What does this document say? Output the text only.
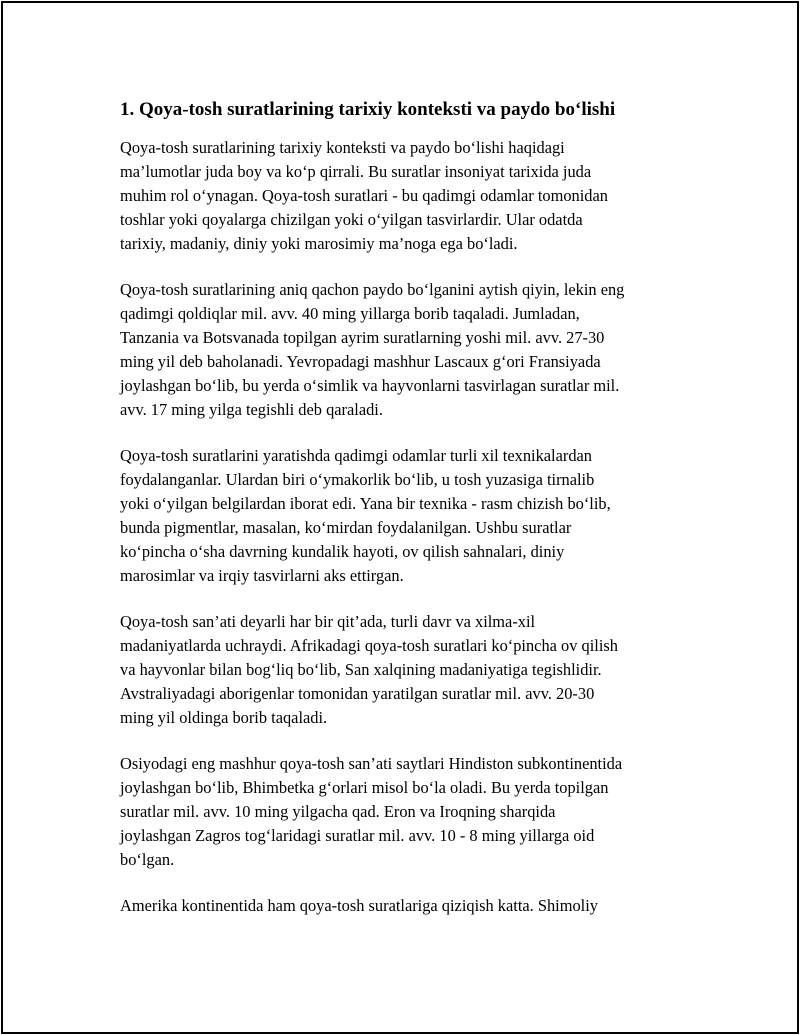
1. Qoya-tosh suratlarining tarixiy konteksti va paydo bo‘lishi

Qoya-tosh suratlarining tarixiy konteksti va paydo bo‘lishi haqidagi
ma’lumotlar juda boy va ko‘p qirrali. Bu suratlar insoniyat tarixida juda
muhim rol o‘ynagan. Qoya-tosh suratlari - bu qadimgi odamlar tomonidan
toshlar yoki qoyalarga chizilgan yoki o‘yilgan tasvirlardir. Ular odatda
tarixiy, madaniy, diniy yoki marosimiy ma’noga ega bo‘ladi.

Qoya-tosh suratlarining aniq qachon paydo bo‘lganini aytish qiyin, lekin eng
qadimgi qoldiqlar mil. avv. 40 ming yillarga borib taqaladi. Jumladan,
Tanzania va Botsvanada topilgan ayrim suratlarning yoshi mil. avv. 27-30
ming yil deb baholanadi. Yevropadagi mashhur Lascaux g‘ori Fransiyada
joylashgan bo‘lib, bu yerda o‘simlik va hayvonlarni tasvirlagan suratlar mil.
avv. 17 ming yilga tegishli deb qaraladi.

Qoya-tosh suratlarini yaratishda qadimgi odamlar turli xil texnikalardan
foydalanganlar. Ulardan biri o‘ymakorlik bo‘lib, u tosh yuzasiga tirnalib
yoki o‘yilgan belgilardan iborat edi. Yana bir texnika - rasm chizish bo‘lib,
bunda pigmentlar, masalan, ko‘mirdan foydalanilgan. Ushbu suratlar
ko‘pincha o‘sha davrning kundalik hayoti, ov qilish sahnalari, diniy
marosimlar va irqiy tasvirlarni aks ettirgan.

Qoya-tosh san’ati deyarli har bir qit’ada, turli davr va xilma-xil
madaniyatlarda uchraydi. Afrikadagi qoya-tosh suratlari ko‘pincha ov qilish
va hayvonlar bilan bog‘liq bo‘lib, San xalqining madaniyatiga tegishlidir.
Avstraliyadagi aborigenlar tomonidan yaratilgan suratlar mil. avv. 20-30
ming yil oldinga borib taqaladi.

Osiyodagi eng mashhur qoya-tosh san’ati saytlari Hindiston subkontinentida
joylashgan bo‘lib, Bhimbetka g‘orlari misol bo‘la oladi. Bu yerda topilgan
suratlar mil. avv. 10 ming yilgacha qad. Eron va Iroqning sharqida
joylashgan Zagros tog‘laridagi suratlar mil. avv. 10 - 8 ming yillarga oid
bo‘lgan.

Amerika kontinentida ham qoya-tosh suratlariga qiziqish katta. Shimoliy
